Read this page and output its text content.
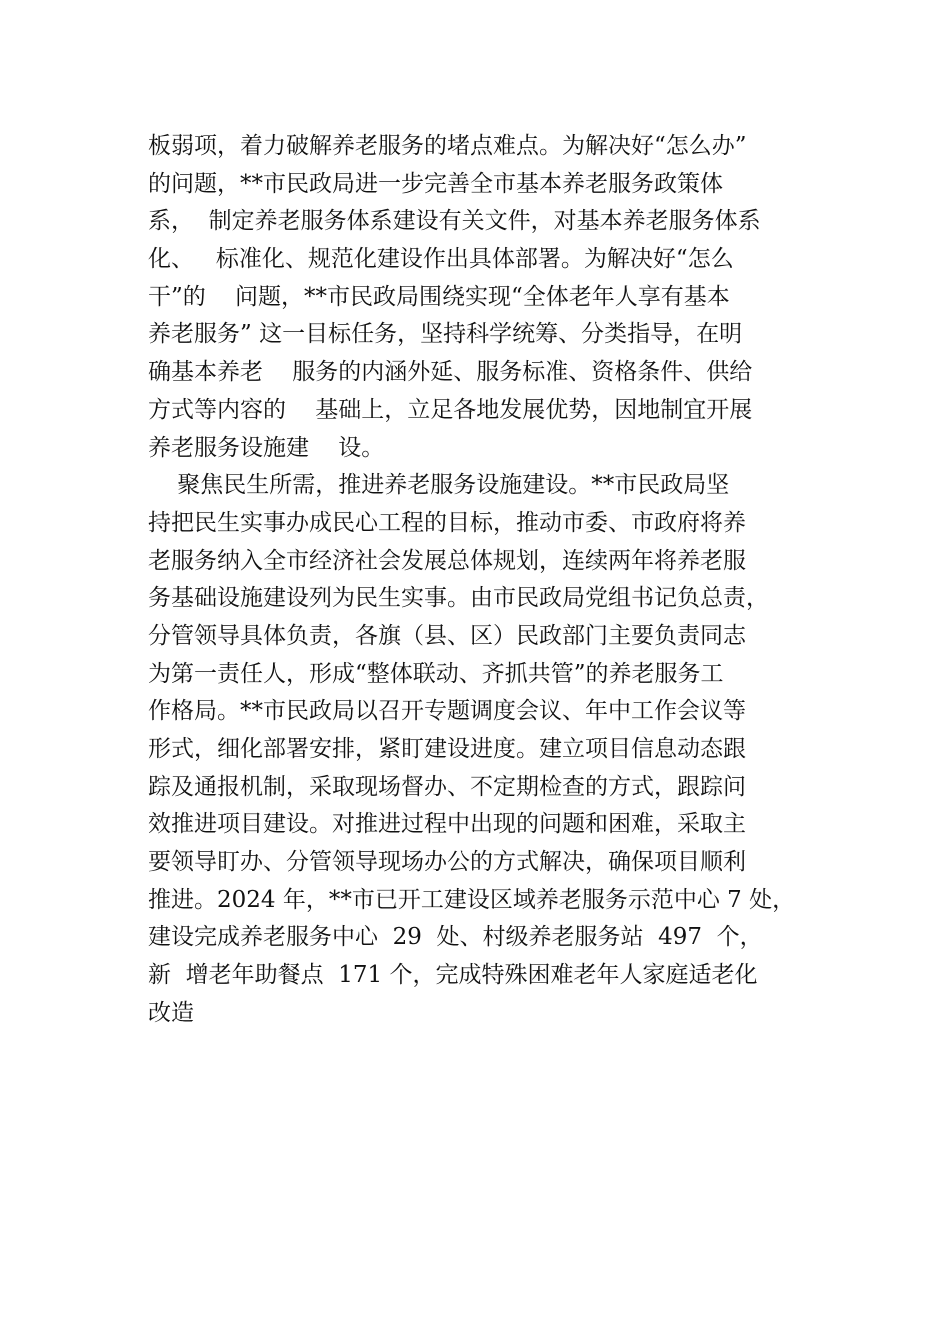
板弱项，着力破解养老服务的堵点难点。为解决好“怎么办”
的问题，**市民政局进一步完善全市基本养老服务政策体
系，  制定养老服务体系建设有关文件，对基本养老服务体系
化、   标准化、规范化建设作出具体部署。为解决好“怎么
干”的    问题，**市民政局围绕实现“全体老年人享有基本
养老服务” 这一目标任务，坚持科学统筹、分类指导，在明
确基本养老    服务的内涵外延、服务标准、资格条件、供给
方式等内容的    基础上，立足各地发展优势，因地制宜开展
养老服务设施建    设。
聚焦民生所需，推进养老服务设施建设。**市民政局坚
持把民生实事办成民心工程的目标，推动市委、市政府将养
老服务纳入全市经济社会发展总体规划，连续两年将养老服
务基础设施建设列为民生实事。由市民政局党组书记负总责，
分管领导具体负责，各旗（县、区）民政部门主要负责同志
为第一责任人，形成“整体联动、齐抓共管”的养老服务工
作格局。**市民政局以召开专题调度会议、年中工作会议等
形式，细化部署安排，紧盯建设进度。建立项目信息动态跟
踪及通报机制，采取现场督办、不定期检查的方式，跟踪问
效推进项目建设。对推进过程中出现的问题和困难，采取主
要领导盯办、分管领导现场办公的方式解决，确保项目顺利
推进。2024 年，**市已开工建设区域养老服务示范中心 7 处，
建设完成养老服务中心  29  处、村级养老服务站  497  个，
新  增老年助餐点  171 个，完成特殊困难老年人家庭适老化
改造
